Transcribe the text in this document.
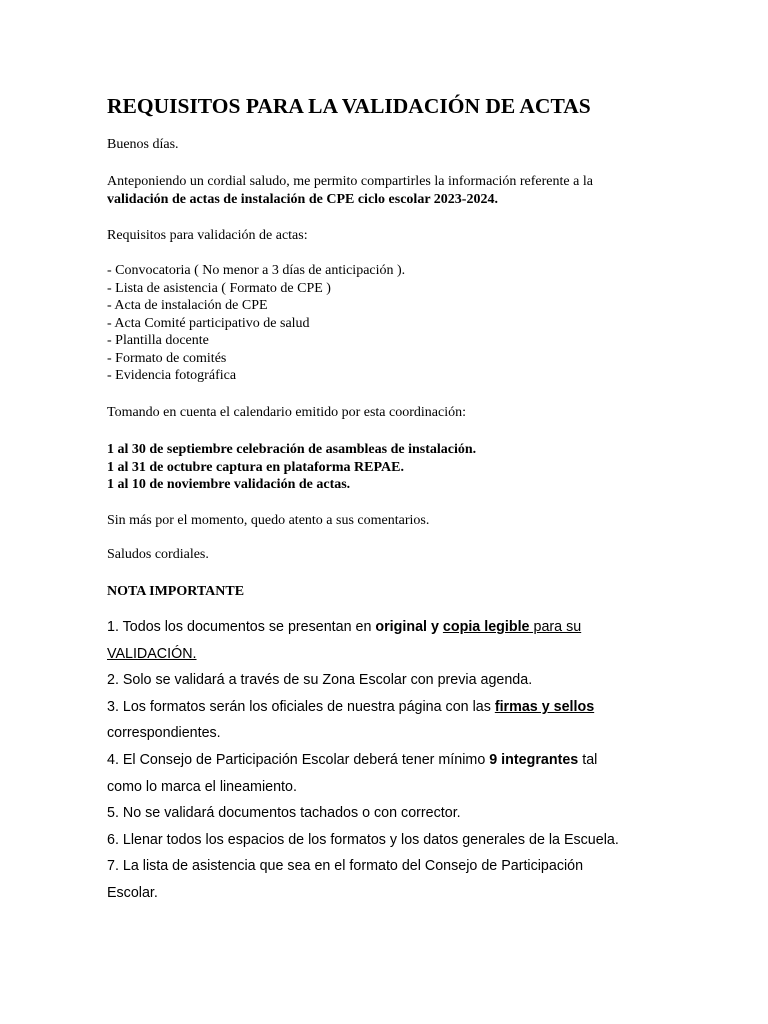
REQUISITOS PARA LA VALIDACIÓN DE ACTAS

Buenos días.

Anteponiendo un cordial saludo, me permito compartirles la información referente a la

validación de actas de instalación de CPE ciclo escolar 2023-2024.

Requisitos para validación de actas:

- Convocatoria ( No menor a 3 días de anticipación ).
- Lista de asistencia ( Formato de CPE )
- Acta de instalación de CPE
- Acta Comité participativo de salud
- Plantilla docente
- Formato de comités
- Evidencia fotográfica

Tomando en cuenta el calendario emitido por esta coordinación:

1 al 30 de septiembre celebración de asambleas de instalación.

1 al 31 de octubre captura en plataforma REPAE.

1 al 10 de noviembre validación de actas.

Sin más por el momento, quedo atento a sus comentarios.

Saludos cordiales.

NOTA IMPORTANTE

1. Todos los documentos se presentan en original y copia legible para su
VALIDACIÓN.
2. Solo se validará a través de su Zona Escolar con previa agenda.
3. Los formatos serán los oficiales de nuestra página con las firmas y sellos
correspondientes.
4. El Consejo de Participación Escolar deberá tener mínimo 9 integrantes tal
como lo marca el lineamiento.
5. No se validará documentos tachados o con corrector.
6. Llenar todos los espacios de los formatos y los datos generales de la Escuela.
7. La lista de asistencia que sea en el formato del Consejo de Participación
Escolar.
